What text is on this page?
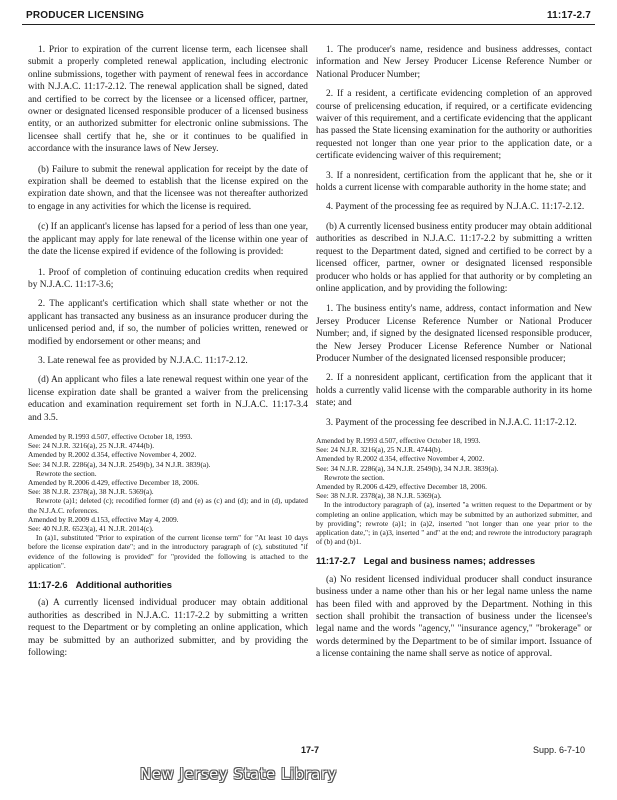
PRODUCER LICENSING	11:17-2.7

1. Prior to expiration of the current license term, each licensee shall submit a properly completed renewal application, including electronic online submissions, together with payment of renewal fees in accordance with N.J.A.C. 11:17-2.12. The renewal application shall be signed, dated and certified to be correct by the licensee or a licensed officer, partner, owner or designated licensed responsible producer of a licensed business entity, or an authorized submitter for electronic online submissions. The licensee shall certify that he, she or it continues to be qualified in accordance with the insurance laws of New Jersey.

(b) Failure to submit the renewal application for receipt by the date of expiration shall be deemed to establish that the license expired on the expiration date shown, and that the licensee was not thereafter authorized to engage in any activities for which the license is required.

(c) If an applicant's license has lapsed for a period of less than one year, the applicant may apply for late renewal of the license within one year of the date the license expired if evidence of the following is provided:

1. Proof of completion of continuing education credits when required by N.J.A.C. 11:17-3.6;

2. The applicant's certification which shall state whether or not the applicant has transacted any business as an insurance producer during the unlicensed period and, if so, the number of policies written, renewed or modified by endorsement or other means; and

3. Late renewal fee as provided by N.J.A.C. 11:17-2.12.

(d) An applicant who files a late renewal request within one year of the license expiration date shall be granted a waiver from the prelicensing education and examination requirement set forth in N.J.A.C. 11:17-3.4 and 3.5.

Amended by R.1993 d.507, effective October 18, 1993.
See: 24 N.J.R. 3216(a), 25 N.J.R. 4744(b).
Amended by R.2002 d.354, effective November 4, 2002.
See: 34 N.J.R. 2286(a), 34 N.J.R. 2549(b), 34 N.J.R. 3839(a).
Rewrote the section.
Amended by R.2006 d.429, effective December 18, 2006.
See: 38 N.J.R. 2378(a), 38 N.J.R. 5369(a).
Rewrote (a)1; deleted (c); recodified former (d) and (e) as (c) and (d); and in (d), updated the N.J.A.C. references.
Amended by R.2009 d.153, effective May 4, 2009.
See: 40 N.J.R. 6523(a), 41 N.J.R. 2014(c).
In (a)1, substituted "Prior to expiration of the current license term" for "At least 10 days before the license expiration date"; and in the introductory paragraph of (c), substituted "if evidence of the following is provided" for "provided the following is attached to the application".
11:17-2.6 Additional authorities

(a) A currently licensed individual producer may obtain additional authorities as described in N.J.A.C. 11:17-2.2 by submitting a written request to the Department or by completing an online application, which may be submitted by an authorized submitter, and by providing the following:

1. The producer's name, residence and business addresses, contact information and New Jersey Producer License Reference Number or National Producer Number;

2. If a resident, a certificate evidencing completion of an approved course of prelicensing education, if required, or a certificate evidencing waiver of this requirement, and a certificate evidencing that the applicant has passed the State licensing examination for the authority or authorities requested not longer than one year prior to the application date, or a certificate evidencing waiver of this requirement;

3. If a nonresident, certification from the applicant that he, she or it holds a current license with comparable authority in the home state; and

4. Payment of the processing fee as required by N.J.A.C. 11:17-2.12.

(b) A currently licensed business entity producer may obtain additional authorities as described in N.J.A.C. 11:17-2.2 by submitting a written request to the Department dated, signed and certified to be correct by a licensed officer, partner, owner or designated licensed responsible producer who holds or has applied for that authority or by completing an online application, and by providing the following:

1. The business entity's name, address, contact information and New Jersey Producer License Reference Number or National Producer Number; and, if signed by the designated licensed responsible producer, the New Jersey Producer License Reference Number or National Producer Number of the designated licensed responsible producer;

2. If a nonresident applicant, certification from the applicant that it holds a currently valid license with the comparable authority in its home state; and

3. Payment of the processing fee described in N.J.A.C. 11:17-2.12.

Amended by R.1993 d.507, effective October 18, 1993.
See: 24 N.J.R. 3216(a), 25 N.J.R. 4744(b).
Amended by R.2002 d.354, effective November 4, 2002.
See: 34 N.J.R. 2286(a), 34 N.J.R. 2549(b), 34 N.J.R. 3839(a).
Rewrote the section.
Amended by R.2006 d.429, effective December 18, 2006.
See: 38 N.J.R. 2378(a), 38 N.J.R. 5369(a).
In the introductory paragraph of (a), inserted "a written request to the Department or by completing an online application, which may be submitted by an authorized submitter, and by providing"; rewrote (a)1; in (a)2, inserted "not longer than one year prior to the application date,"; in (a)3, inserted " and" at the end; and rewrote the introductory paragraph of (b) and (b)1.
11:17-2.7 Legal and business names; addresses

(a) No resident licensed individual producer shall conduct insurance business under a name other than his or her legal name unless the name has been filed with and approved by the Department. Nothing in this section shall prohibit the transaction of business under the licensee's legal name and the words "agency," "insurance agency," "brokerage" or words determined by the Department to be of similar import. Issuance of a license containing the name shall serve as notice of approval.

17-7	Supp. 6-7-10
New Jersey State Library
